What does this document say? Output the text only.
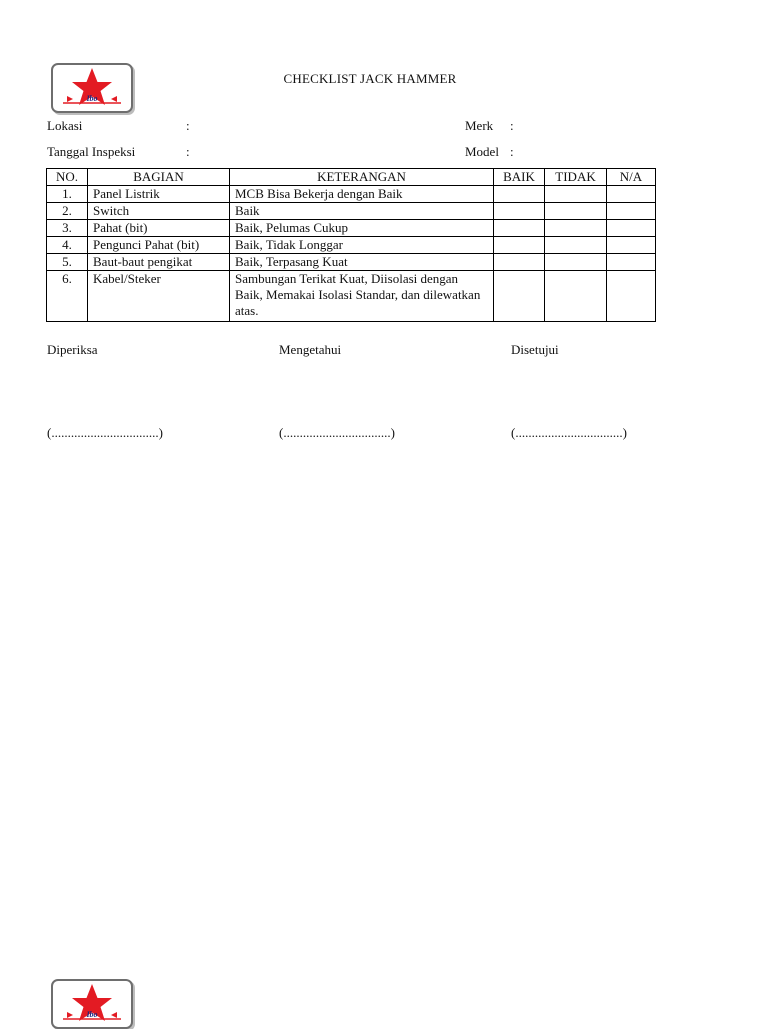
Ibo
CHECKLIST JACK HAMMER
Lokasi	:
Tanggal Inspeksi	:
Merk :
Model :
NO.	BAGIAN	KETERANGAN	BAIK	TIDAK	N/A
1.	Panel Listrik	MCB Bisa Bekerja dengan Baik			
2.	Switch	Baik			
3.	Pahat (bit)	Baik, Pelumas Cukup			
4.	Pengunci Pahat (bit)	Baik, Tidak Longgar			
5.	Baut-baut pengikat	Baik, Terpasang Kuat			
6.	Kabel/Steker	Sambungan Terikat Kuat, Diisolasi dengan Baik, Memakai Isolasi Standar, dan dilewatkan atas.			
Diperiksa	Mengetahui	Disetujui
(.................................)	(.................................)	(.................................)
Ibo
